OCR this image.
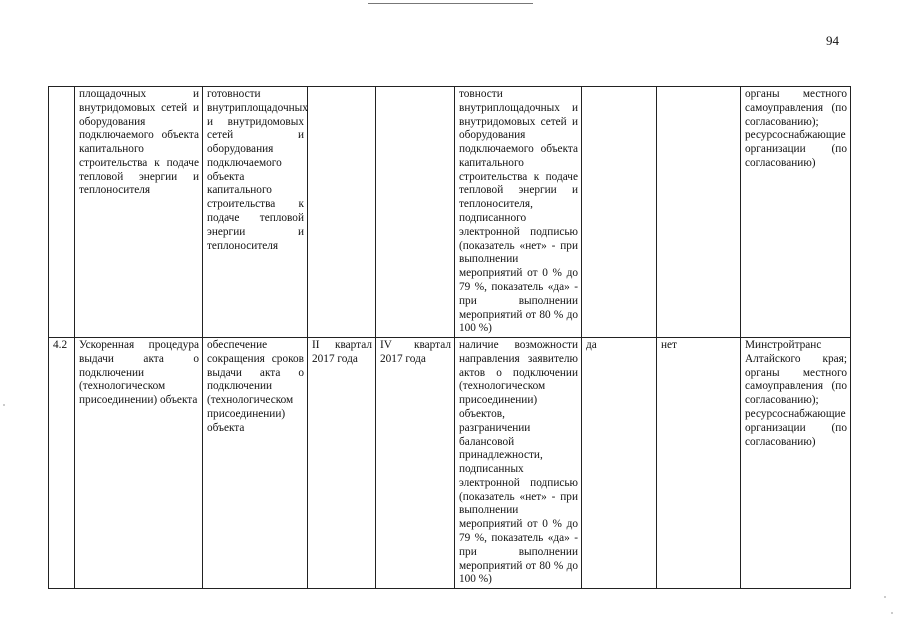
94
	площадочных и внутридомовых сетей и оборудования подключаемого объекта капитального строительства к подаче тепловой энергии и теплоносителя	готовности внутриплощадочных и внутридомовых сетей и оборудования подключаемого объекта капитального строительства к подаче тепловой энергии и теплоносителя			товности внутриплощадочных и внутридомовых сетей и оборудования подключаемого объекта капитального строительства к подаче тепловой энергии и теплоносителя, подписанного электронной подписью (показатель «нет» - при выполнении мероприятий от 0 % до 79 %, показатель «да» - при выполнении мероприятий от 80 % до 100 %)			органы местного самоуправления (по согласованию); ресурсоснабжающие организации (по согласованию)
4.2	Ускоренная процедура выдачи акта о подключении (технологическом присоединении) объекта	обеспечение сокращения сроков выдачи акта о подключении (технологическом присоединении) объекта	II квартал 2017 года	IV квартал 2017 года	наличие возможности направления заявителю актов о подключении (технологическом присоединении) объектов, разграничении балансовой принадлежности, подписанных электронной подписью (показатель «нет» - при выполнении мероприятий от 0 % до 79 %, показатель «да» - при выполнении мероприятий от 80 % до 100 %)	да	нет	Минстройтранс Алтайского края; органы местного самоуправления (по согласованию); ресурсоснабжающие организации (по согласованию)
